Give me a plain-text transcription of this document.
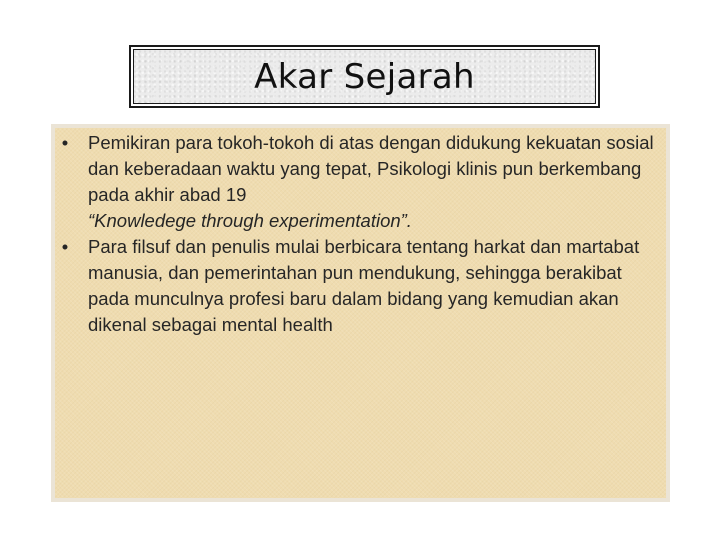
Akar Sejarah
• Pemikiran para tokoh-tokoh di atas dengan didukung kekuatan sosial dan keberadaan waktu yang tepat, Psikologi klinis pun berkembang pada akhir abad 19
“Knowledege through experimentation”.
• Para filsuf dan penulis mulai berbicara tentang harkat dan martabat manusia, dan pemerintahan pun mendukung, sehingga berakibat pada munculnya profesi baru dalam bidang yang kemudian akan dikenal sebagai mental health
